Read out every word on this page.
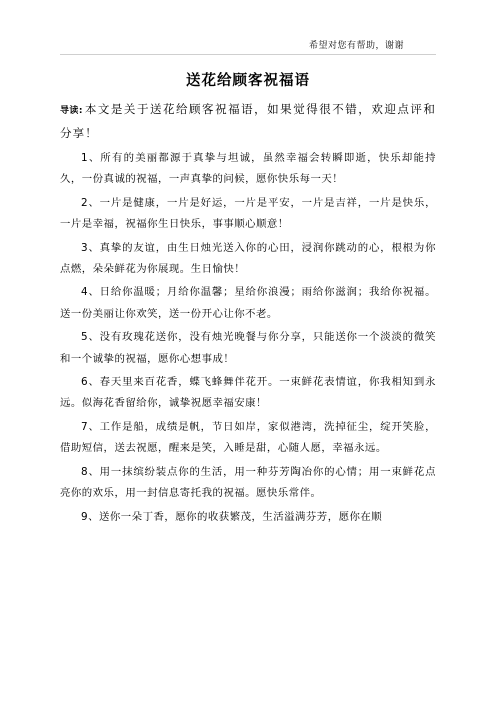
希望对您有帮助，谢谢
送花给顾客祝福语

导读: 本文是关于送花给顾客祝福语，如果觉得很不错，欢迎点评和分享！

1、所有的美丽都源于真挚与坦诚，虽然幸福会转瞬即逝，快乐却能持久，一份真诚的祝福，一声真挚的问候，愿你快乐每一天！

2、一片是健康，一片是好运，一片是平安，一片是吉祥，一片是快乐，一片是幸福，祝福你生日快乐，事事顺心顺意！

3、真挚的友谊，由生日烛光送入你的心田，浸润你跳动的心，根根为你点燃，朵朵鲜花为你展现。生日愉快！

4、日给你温暖；月给你温馨；星给你浪漫；雨给你滋润；我给你祝福。送一份美丽让你欢笑，送一份开心让你不老。

5、没有玫瑰花送你，没有烛光晚餐与你分享，只能送你一个淡淡的微笑和一个诚挚的祝福，愿你心想事成！

6、春天里来百花香，蝶飞蜂舞伴花开。一束鲜花表情谊，你我相知到永远。似海花香留给你，诚挚祝愿幸福安康！

7、工作是船，成绩是帆，节日如岸，家似港湾，洗掉征尘，绽开笑脸，借助短信，送去祝愿，醒来是笑，入睡是甜，心随人愿，幸福永远。

8、用一抹缤纷装点你的生活，用一种芬芳陶冶你的心情；用一束鲜花点亮你的欢乐，用一封信息寄托我的祝福。愿快乐常伴。

9、送你一朵丁香，愿你的收获繁茂，生活溢满芬芳，愿你在顺
